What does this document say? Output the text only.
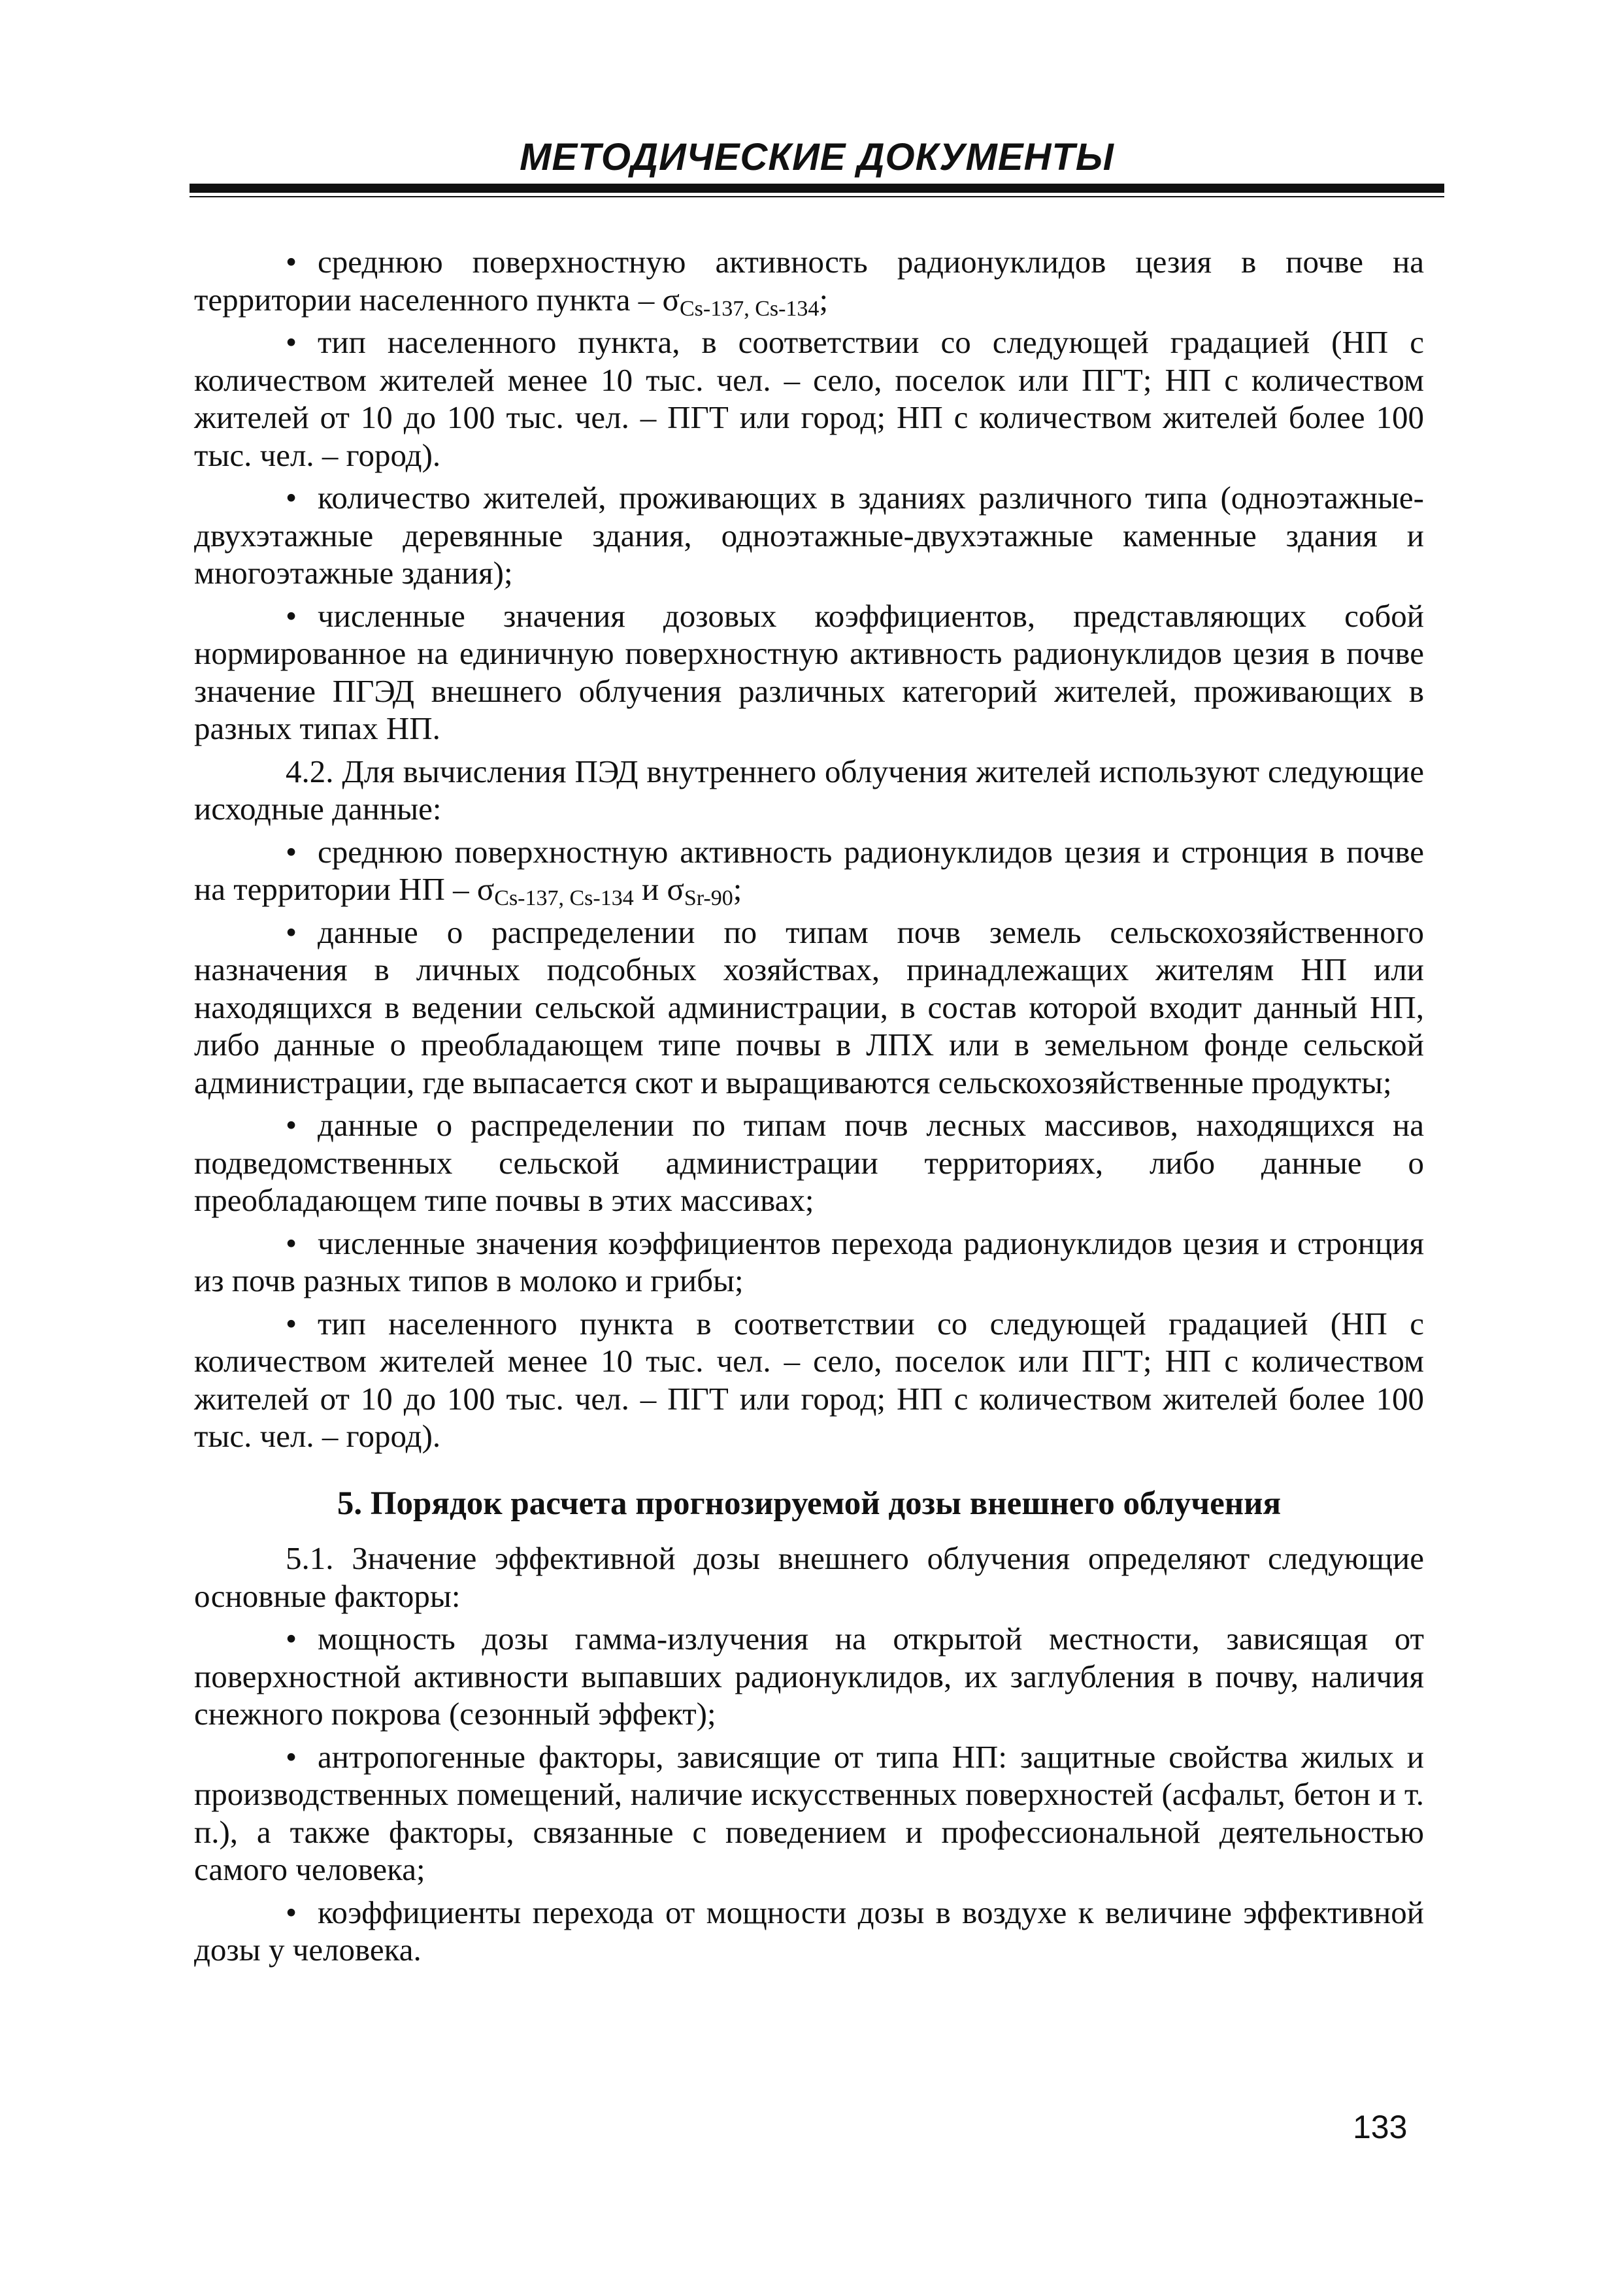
МЕТОДИЧЕСКИЕ ДОКУМЕНТЫ

• среднюю поверхностную активность радионуклидов цезия в почве на территории населенного пункта – $\sigma_{Cs-137, Cs-134}$;

• тип населенного пункта, в соответствии со следующей градацией (НП с количеством жителей менее 10 тыс. чел. – село, поселок или ПГТ; НП с количеством жителей от 10 до 100 тыс. чел. – ПГТ или город; НП с количеством жителей более 100 тыс. чел. – город).

• количество жителей, проживающих в зданиях различного типа (одноэтажные-двухэтажные деревянные здания, одноэтажные-двухэтажные каменные здания и многоэтажные здания);

• численные значения дозовых коэффициентов, представляющих собой нормированное на единичную поверхностную активность радионуклидов цезия в почве значение ПГЭД внешнего облучения различных категорий жителей, проживающих в разных типах НП.

4.2. Для вычисления ПЭД внутреннего облучения жителей используют следующие исходные данные:

• среднюю поверхностную активность радионуклидов цезия и стронция в почве на территории НП – $\sigma_{Cs-137, Cs-134}$ и $\sigma_{Sr-90}$;

• данные о распределении по типам почв земель сельскохозяйственного назначения в личных подсобных хозяйствах, принадлежащих жителям НП или находящихся в ведении сельской администрации, в состав которой входит данный НП, либо данные о преобладающем типе почвы в ЛПХ или в земельном фонде сельской администрации, где выпасается скот и выращиваются сельскохозяйственные продукты;

• данные о распределении по типам почв лесных массивов, находящихся на подведомственных сельской администрации территориях, либо данные о преобладающем типе почвы в этих массивах;

• численные значения коэффициентов перехода радионуклидов цезия и стронция из почв разных типов в молоко и грибы;

• тип населенного пункта в соответствии со следующей градацией (НП с количеством жителей менее 10 тыс. чел. – село, поселок или ПГТ; НП с количеством жителей от 10 до 100 тыс. чел. – ПГТ или город; НП с количеством жителей более 100 тыс. чел. – город).

5. Порядок расчета прогнозируемой дозы внешнего облучения

5.1. Значение эффективной дозы внешнего облучения определяют следующие основные факторы:

• мощность дозы гамма-излучения на открытой местности, зависящая от поверхностной активности выпавших радионуклидов, их заглубления в почву, наличия снежного покрова (сезонный эффект);

• антропогенные факторы, зависящие от типа НП: защитные свойства жилых и производственных помещений, наличие искусственных поверхностей (асфальт, бетон и т. п.), а также факторы, связанные с поведением и профессиональной деятельностью самого человека;

• коэффициенты перехода от мощности дозы в воздухе к величине эффективной дозы у человека.

133
